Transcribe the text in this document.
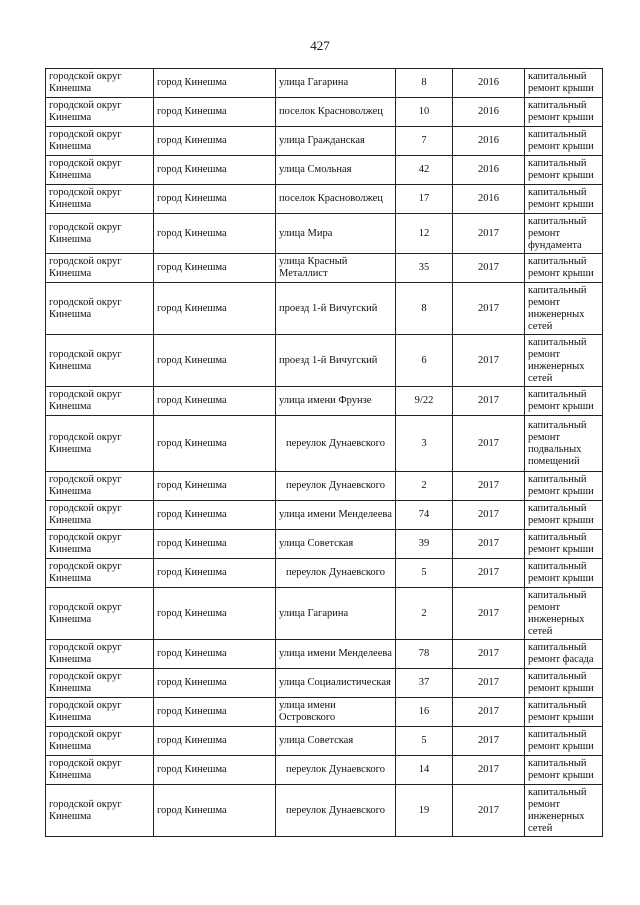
427
городской округ Кинешма	город Кинешма	улица Гагарина	8	2016	капитальный ремонт крыши
городской округ Кинешма	город Кинешма	поселок Красноволжец	10	2016	капитальный ремонт крыши
городской округ Кинешма	город Кинешма	улица Гражданская	7	2016	капитальный ремонт крыши
городской округ Кинешма	город Кинешма	улица Смольная	42	2016	капитальный ремонт крыши
городской округ Кинешма	город Кинешма	поселок Красноволжец	17	2016	капитальный ремонт крыши
городской округ Кинешма	город Кинешма	улица Мира	12	2017	капитальный ремонт фундамента
городской округ Кинешма	город Кинешма	улица Красный Металлист	35	2017	капитальный ремонт крыши
городской округ Кинешма	город Кинешма	проезд 1-й Вичугский	8	2017	капитальный ремонт инженерных сетей
городской округ Кинешма	город Кинешма	проезд 1-й Вичугский	6	2017	капитальный ремонт инженерных сетей
городской округ Кинешма	город Кинешма	улица имени Фрунзе	9/22	2017	капитальный ремонт крыши
городской округ Кинешма	город Кинешма	переулок Дунаевского	3	2017	капитальный ремонт подвальных помещений
городской округ Кинешма	город Кинешма	переулок Дунаевского	2	2017	капитальный ремонт крыши
городской округ Кинешма	город Кинешма	улица имени Менделеева	74	2017	капитальный ремонт крыши
городской округ Кинешма	город Кинешма	улица Советская	39	2017	капитальный ремонт крыши
городской округ Кинешма	город Кинешма	переулок Дунаевского	5	2017	капитальный ремонт крыши
городской округ Кинешма	город Кинешма	улица Гагарина	2	2017	капитальный ремонт инженерных сетей
городской округ Кинешма	город Кинешма	улица имени Менделеева	78	2017	капитальный ремонт фасада
городской округ Кинешма	город Кинешма	улица Социалистическая	37	2017	капитальный ремонт крыши
городской округ Кинешма	город Кинешма	улица имени Островского	16	2017	капитальный ремонт крыши
городской округ Кинешма	город Кинешма	улица Советская	5	2017	капитальный ремонт крыши
городской округ Кинешма	город Кинешма	переулок Дунаевского	14	2017	капитальный ремонт крыши
городской округ Кинешма	город Кинешма	переулок Дунаевского	19	2017	капитальный ремонт инженерных сетей
